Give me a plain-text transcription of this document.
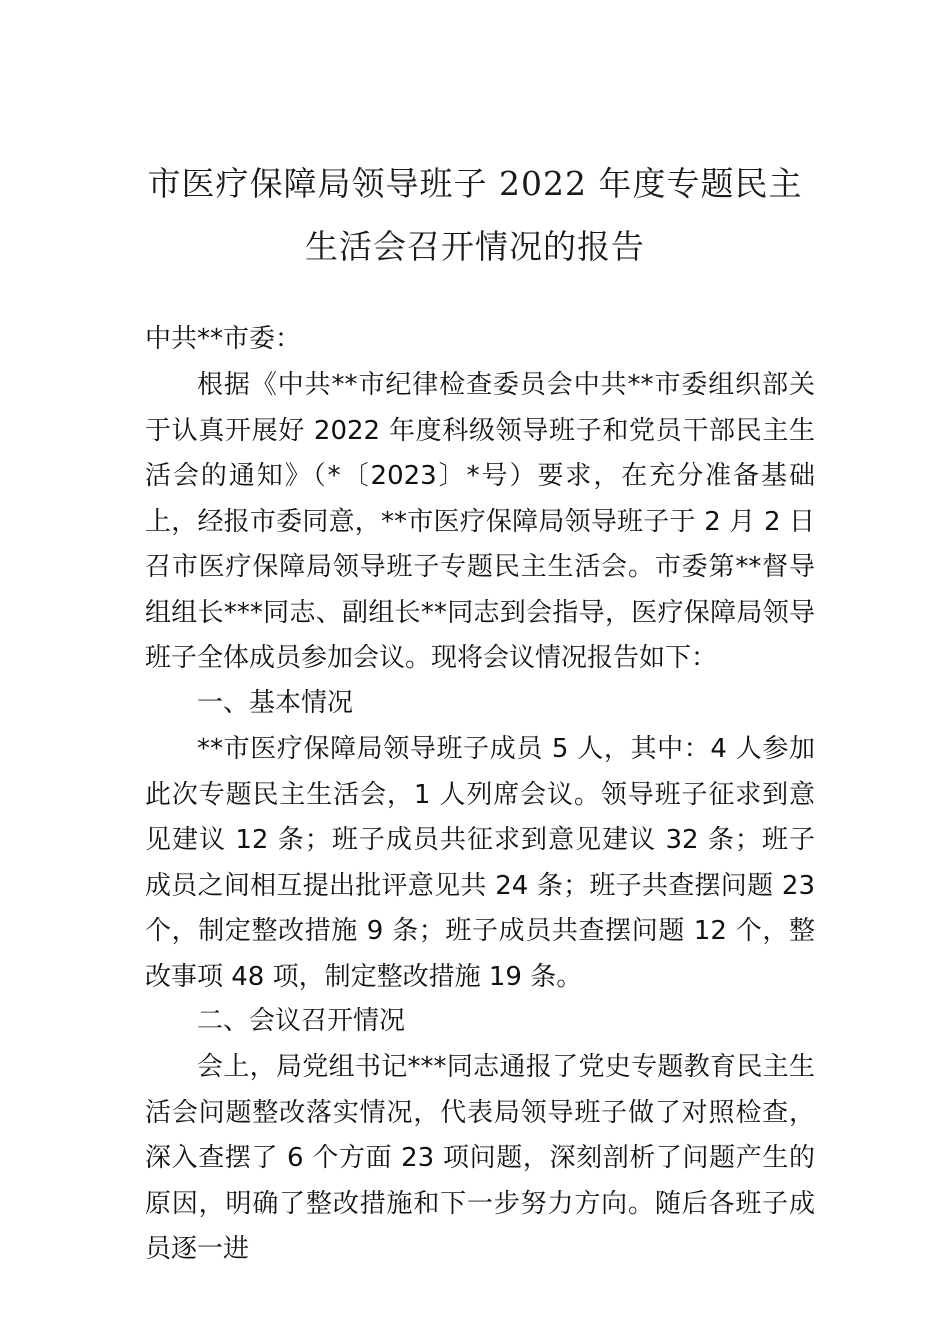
市医疗保障局领导班子 2022 年度专题民主
生活会召开情况的报告

中共**市委：

根据《中共**市纪律检查委员会中共**市委组织部关于认真开展好 2022 年度科级领导班子和党员干部民主生活会的通知》（*〔2023〕*号）要求，在充分准备基础上，经报市委同意，**市医疗保障局领导班子于 2 月 2 日召市医疗保障局领导班子专题民主生活会。市委第**督导组组长***同志、副组长**同志到会指导，医疗保障局领导班子全体成员参加会议。现将会议情况报告如下：

一、基本情况

**市医疗保障局领导班子成员 5 人，其中：4 人参加此次专题民主生活会，1 人列席会议。领导班子征求到意见建议 12 条；班子成员共征求到意见建议 32 条；班子成员之间相互提出批评意见共 24 条；班子共查摆问题 23 个，制定整改措施 9 条；班子成员共查摆问题 12 个，整改事项 48 项，制定整改措施 19 条。

二、会议召开情况

会上，局党组书记***同志通报了党史专题教育民主生活会问题整改落实情况，代表局领导班子做了对照检查，深入查摆了 6 个方面 23 项问题，深刻剖析了问题产生的原因，明确了整改措施和下一步努力方向。随后各班子成员逐一进
